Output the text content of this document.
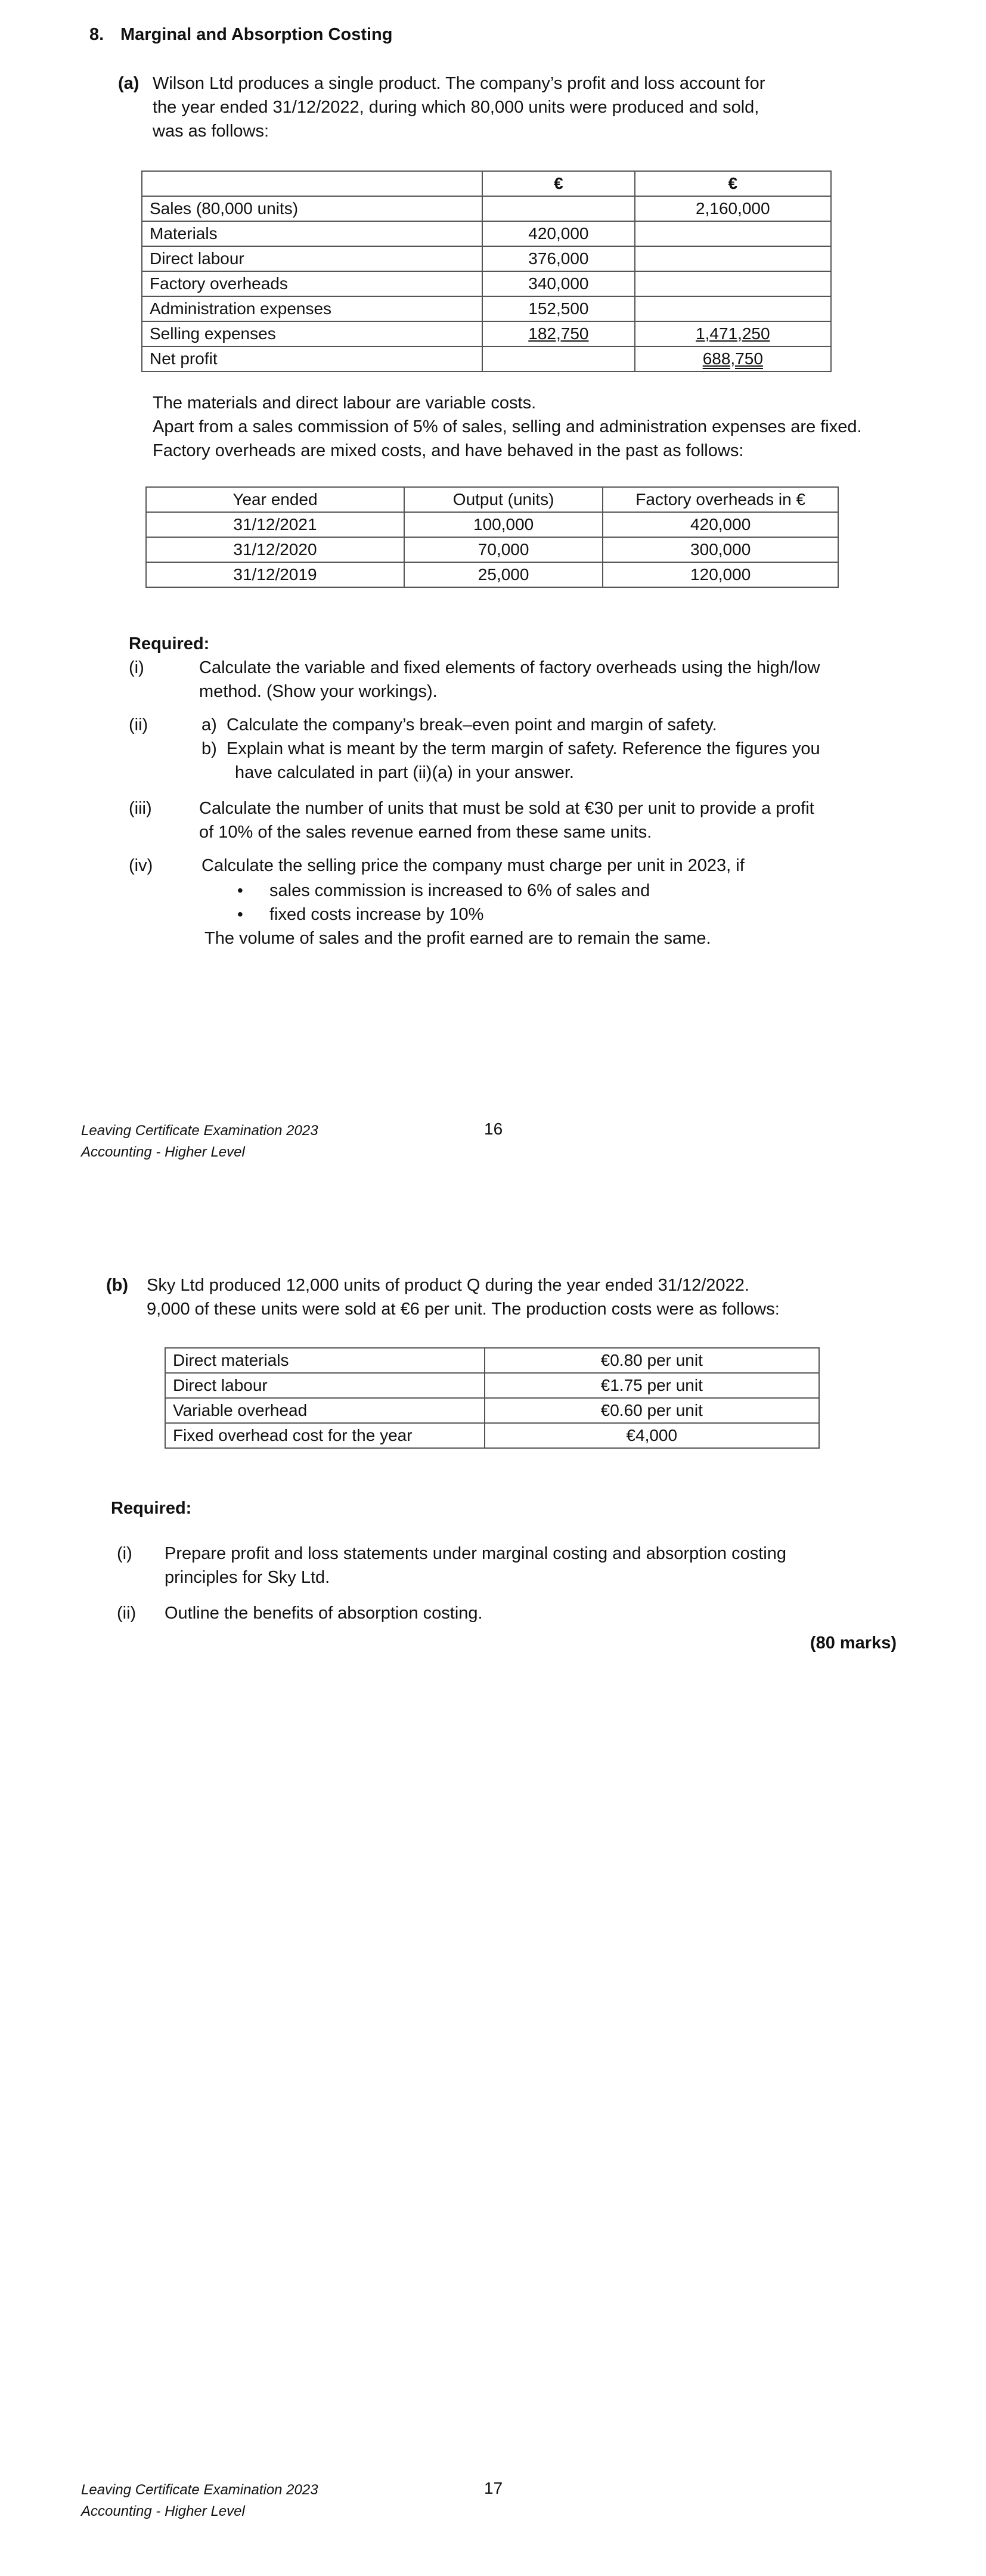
8. Marginal and Absorption Costing
(a) Wilson Ltd produces a single product. The company’s profit and loss account for
the year ended 31/12/2022, during which 80,000 units were produced and sold,
was as follows:
	€	€
Sales (80,000 units)		2,160,000
Materials	420,000	
Direct labour	376,000	
Factory overheads	340,000	
Administration expenses	152,500	
Selling expenses	182,750	1,471,250
Net profit		688,750
The materials and direct labour are variable costs.
Apart from a sales commission of 5% of sales, selling and administration expenses are fixed.
Factory overheads are mixed costs, and have behaved in the past as follows:
Year ended	Output (units)	Factory overheads in €
31/12/2021	100,000	420,000
31/12/2020	70,000	300,000
31/12/2019	25,000	120,000
Required:
(i)	Calculate the variable and fixed elements of factory overheads using the high/low
method. (Show your workings).
(ii)	a) Calculate the company’s break–even point and margin of safety.
b) Explain what is meant by the term margin of safety. Reference the figures you
have calculated in part (ii)(a) in your answer.
(iii)	Calculate the number of units that must be sold at €30 per unit to provide a profit
of 10% of the sales revenue earned from these same units.
(iv)	Calculate the selling price the company must charge per unit in 2023, if
• sales commission is increased to 6% of sales and
• fixed costs increase by 10%
The volume of sales and the profit earned are to remain the same.
Leaving Certificate Examination 2023
Accounting - Higher Level
16
(b) Sky Ltd produced 12,000 units of product Q during the year ended 31/12/2022.
9,000 of these units were sold at €6 per unit. The production costs were as follows:
Direct materials	€0.80 per unit
Direct labour	€1.75 per unit
Variable overhead	€0.60 per unit
Fixed overhead cost for the year	€4,000
Required:
(i) Prepare profit and loss statements under marginal costing and absorption costing
principles for Sky Ltd.
(ii) Outline the benefits of absorption costing.
(80 marks)
Leaving Certificate Examination 2023
Accounting - Higher Level
17
